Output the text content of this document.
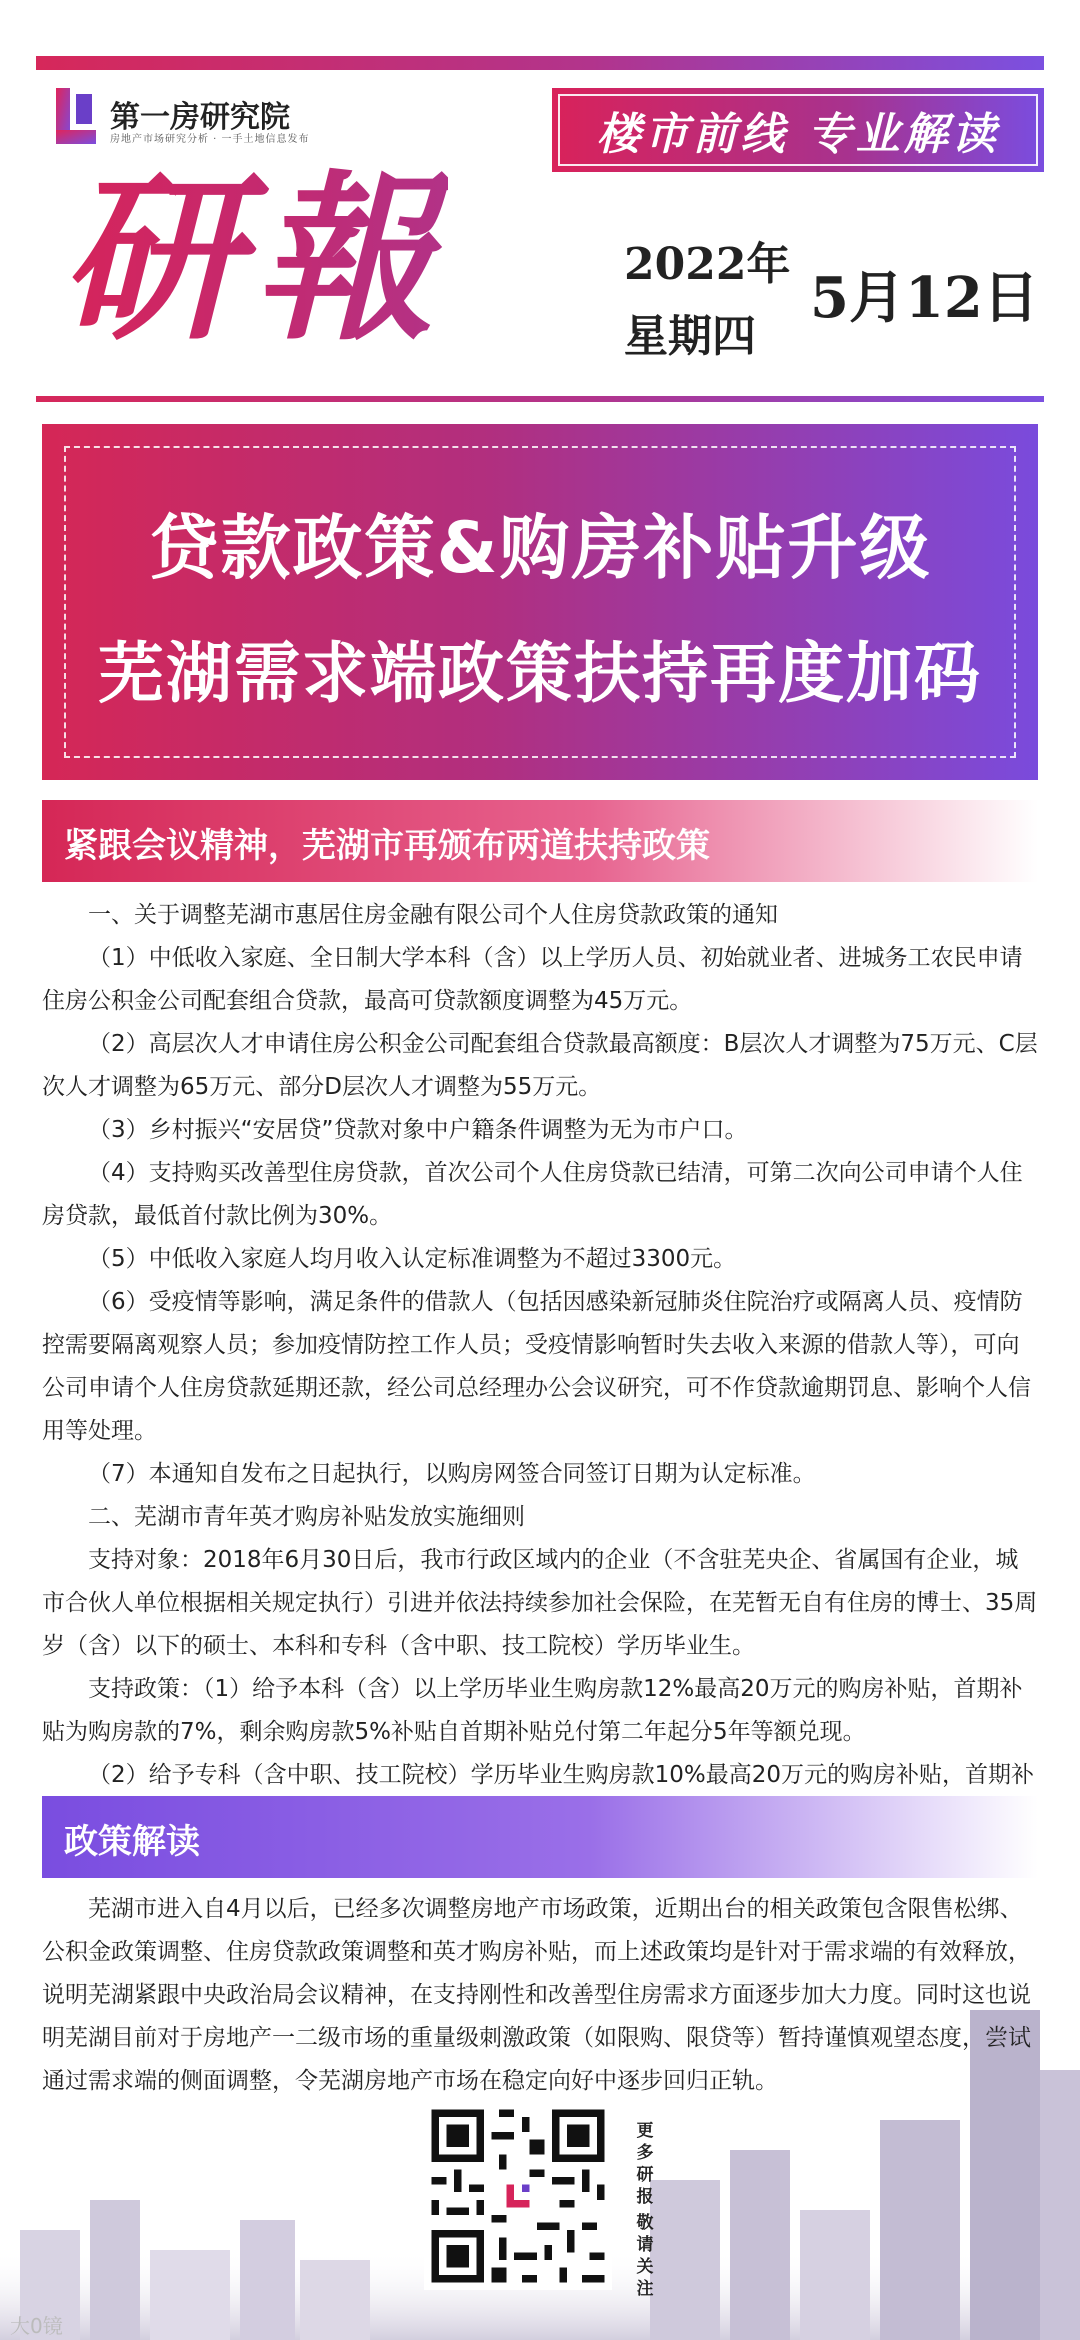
第一房研究院
房地产市场研究分析 · 一手土地信息发布	楼市前线 专业解读
研報	2022年
星期四
5月12日
贷款政策&购房补贴升级
芜湖需求端政策扶持再度加码
紧跟会议精神，芜湖市再颁布两道扶持政策

一、关于调整芜湖市惠居住房金融有限公司个人住房贷款政策的通知

（1）中低收入家庭、全日制大学本科（含）以上学历人员、初始就业者、进城务工农民申请住房公积金公司配套组合贷款，最高可贷款额度调整为45万元。

（2）高层次人才申请住房公积金公司配套组合贷款最高额度：B层次人才调整为75万元、C层次人才调整为65万元、部分D层次人才调整为55万元。

（3）乡村振兴“安居贷”贷款对象中户籍条件调整为无为市户口。

（4）支持购买改善型住房贷款，首次公司个人住房贷款已结清，可第二次向公司申请个人住房贷款，最低首付款比例为30%。

（5）中低收入家庭人均月收入认定标准调整为不超过3300元。

（6）受疫情等影响，满足条件的借款人（包括因感染新冠肺炎住院治疗或隔离人员、疫情防控需要隔离观察人员；参加疫情防控工作人员；受疫情影响暂时失去收入来源的借款人等），可向公司申请个人住房贷款延期还款，经公司总经理办公会议研究，可不作贷款逾期罚息、影响个人信用等处理。

（7）本通知自发布之日起执行，以购房网签合同签订日期为认定标准。

二、芜湖市青年英才购房补贴发放实施细则

支持对象：2018年6月30日后，我市行政区域内的企业（不含驻芜央企、省属国有企业，城市合伙人单位根据相关规定执行）引进并依法持续参加社会保险，在芜暂无自有住房的博士、35周岁（含）以下的硕士、本科和专科（含中职、技工院校）学历毕业生。

支持政策：（1）给予本科（含）以上学历毕业生购房款12%最高20万元的购房补贴，首期补贴为购房款的7%，剩余购房款5%补贴自首期补贴兑付第二年起分5年等额兑现。

（2）给予专科（含中职、技工院校）学历毕业生购房款10%最高20万元的购房补贴，首期补

政策解读

芜湖市进入自4月以后，已经多次调整房地产市场政策，近期出台的相关政策包含限售松绑、公积金政策调整、住房贷款政策调整和英才购房补贴，而上述政策均是针对于需求端的有效释放，说明芜湖紧跟中央政治局会议精神，在支持刚性和改善型住房需求方面逐步加大力度。同时这也说明芜湖目前对于房地产一二级市场的重量级刺激政策（如限购、限贷等）暂持谨慎观望态度，尝试通过需求端的侧面调整，令芜湖房地产市场在稳定向好中逐步回归正轨。

更多研报
敬请关注
大0镜
